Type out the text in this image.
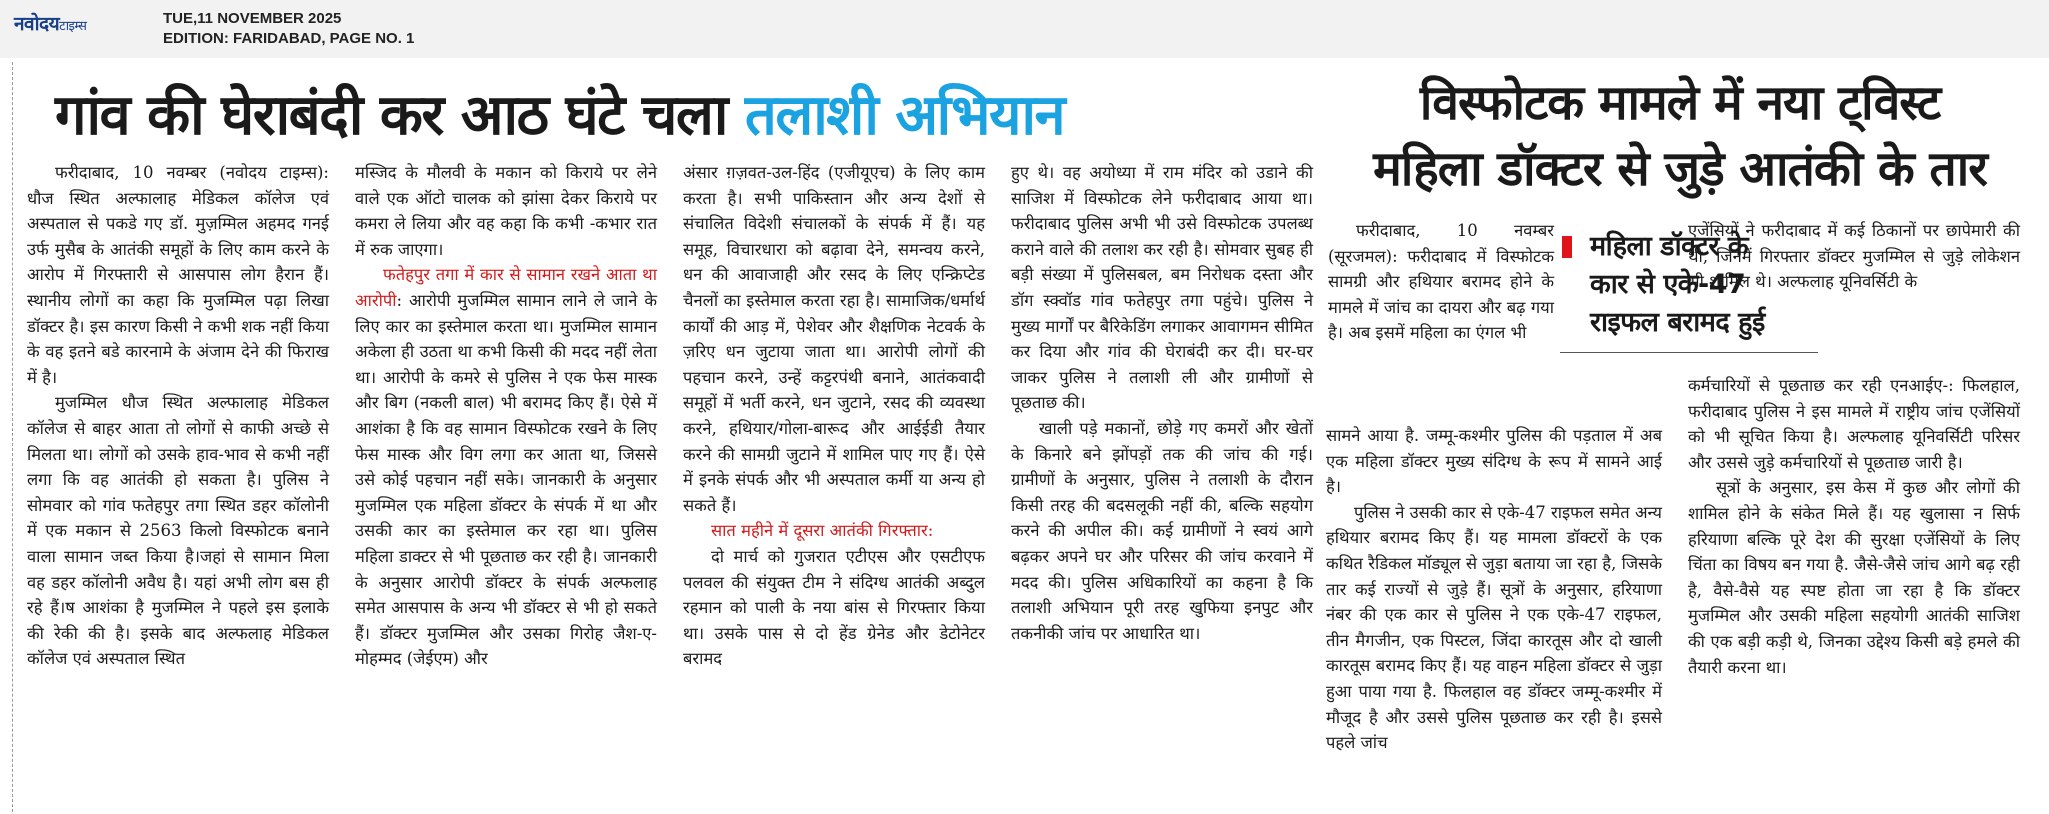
नवोदयटाइम्स	TUE,11 NOVEMBER 2025
EDITION: FARIDABAD, PAGE NO. 1
गांव की घेराबंदी कर आठ घंटे चला तलाशी अभियान	विस्फोटक मामले में नया ट्विस्ट
महिला डॉक्टर से जुड़े आतंकी के तार

फरीदाबाद, 10 नवम्बर (नवोदय टाइम्स): धौज स्थित अल्फालाह मेडिकल कॉलेज एवं अस्पताल से पकडे गए डॉ. मुज़म्मिल अहमद गनई उर्फ मुसैब के आतंकी समूहों के लिए काम करने के आरोप में गिरफ्तारी से आसपास लोग हैरान हैं। स्थानीय लोगों का कहा कि मुजम्मिल पढ़ा लिखा डॉक्टर है। इस कारण किसी ने कभी शक नहीं किया के वह इतने बडे कारनामे के अंजाम देने की फिराख में है।

मुजम्मिल धौज स्थित अल्फालाह मेडिकल कॉलेज से बाहर आता तो लोगों से काफी अच्छे से मिलता था। लोगों को उसके हाव-भाव से कभी नहीं लगा कि वह आतंकी हो सकता है। पुलिस ने सोमवार को गांव फतेहपुर तगा स्थित डहर कॉलोनी में एक मकान से 2563 किलो विस्फोटक बनाने वाला सामान जब्त किया है।जहां से सामान मिला वह डहर कॉलोनी अवैध है। यहां अभी लोग बस ही रहे हैं।ष आशंका है मुजम्मिल ने पहले इस इलाके की रेकी की है। इसके बाद अल्फलाह मेडिकल कॉलेज एवं अस्पताल स्थित

मस्जिद के मौलवी के मकान को किराये पर लेने वाले एक ऑटो चालक को झांसा देकर किराये पर कमरा ले लिया और वह कहा कि कभी -कभार रात में रुक जाएगा।

फतेहपुर तगा में कार से सामान रखने आता था आरोपी: आरोपी मुजम्मिल सामान लाने ले जाने के लिए कार का इस्तेमाल करता था। मुजम्मिल सामान अकेला ही उठता था कभी किसी की मदद नहीं लेता था। आरोपी के कमरे से पुलिस ने एक फेस मास्क और बिग (नकली बाल) भी बरामद किए हैं। ऐसे में आशंका है कि वह सामान विस्फोटक रखने के लिए फेस मास्क और विग लगा कर आता था, जिससे उसे कोई पहचान नहीं सके। जानकारी के अनुसार मुजम्मिल एक महिला डॉक्टर के संपर्क में था और उसकी कार का इस्तेमाल कर रहा था। पुलिस महिला डाक्टर से भी पूछताछ कर रही है। जानकारी के अनुसार आरोपी डॉक्टर के संपर्क अल्फलाह समेत आसपास के अन्य भी डॉक्टर से भी हो सकते हैं। डॉक्टर मुजम्मिल और उसका गिरोह जैश-ए-मोहम्मद (जेईएम) और

अंसार ग़ज़वत-उल-हिंद (एजीयूएच) के लिए काम करता है। सभी पाकिस्तान और अन्य देशों से संचालित विदेशी संचालकों के संपर्क में हैं। यह समूह, विचारधारा को बढ़ावा देने, समन्वय करने, धन की आवाजाही और रसद के लिए एन्क्रिप्टेड चैनलों का इस्तेमाल करता रहा है। सामाजिक/धर्मार्थ कार्यों की आड़ में, पेशेवर और शैक्षणिक नेटवर्क के ज़रिए धन जुटाया जाता था। आरोपी लोगों की पहचान करने, उन्हें कट्टरपंथी बनाने, आतंकवादी समूहों में भर्ती करने, धन जुटाने, रसद की व्यवस्था करने, हथियार/गोला-बारूद और आईईडी तैयार करने की सामग्री जुटाने में शामिल पाए गए हैं। ऐसे में इनके संपर्क और भी अस्पताल कर्मी या अन्य हो सकते हैं।

सात महीने में दूसरा आतंकी गिरफ्तार:

दो मार्च को गुजरात एटीएस और एसटीएफ पलवल की संयुक्त टीम ने संदिग्ध आतंकी अब्दुल रहमान को पाली के नया बांस से गिरफ्तार किया था। उसके पास से दो हेंड ग्रेनेड और डेटोनेटर बरामद

हुए थे। वह अयोध्या में राम मंदिर को उडाने की साजिश में विस्फोटक लेने फरीदाबाद आया था। फरीदाबाद पुलिस अभी भी उसे विस्फोटक उपलब्ध कराने वाले की तलाश कर रही है। सोमवार सुबह ही बड़ी संख्या में पुलिसबल, बम निरोधक दस्ता और डॉग स्क्वॉड गांव फतेहपुर तगा पहुंचे। पुलिस ने मुख्य मार्गों पर बैरिकेडिंग लगाकर आवागमन सीमित कर दिया और गांव की घेराबंदी कर दी। घर-घर जाकर पुलिस ने तलाशी ली और ग्रामीणों से पूछताछ की।

खाली पड़े मकानों, छोड़े गए कमरों और खेतों के किनारे बने झोंपड़ों तक की जांच की गई। ग्रामीणों के अनुसार, पुलिस ने तलाशी के दौरान किसी तरह की बदसलूकी नहीं की, बल्कि सहयोग करने की अपील की। कई ग्रामीणों ने स्वयं आगे बढ़कर अपने घर और परिसर की जांच करवाने में मदद की। पुलिस अधिकारियों का कहना है कि तलाशी अभियान पूरी तरह खुफिया इनपुट और तकनीकी जांच पर आधारित था।

फरीदाबाद, 10 नवम्बर (सूरजमल): फरीदाबाद में विस्फोटक सामग्री और हथियार बरामद होने के मामले में जांच का दायरा और बढ़ गया है। अब इसमें महिला का एंगल भी

महिला डॉक्टर के कार से एके-47 राइफल बरामद हुई

सामने आया है. जम्मू-कश्मीर पुलिस की पड़ताल में अब एक महिला डॉक्टर मुख्य संदिग्ध के रूप में सामने आई है।

पुलिस ने उसकी कार से एके-47 राइफल समेत अन्य हथियार बरामद किए हैं। यह मामला डॉक्टरों के एक कथित रैडिकल मॉड्यूल से जुड़ा बताया जा रहा है, जिसके तार कई राज्यों से जुड़े हैं। सूत्रों के अनुसार, हरियाणा नंबर की एक कार से पुलिस ने एक एके-47 राइफल, तीन मैगजीन, एक पिस्टल, जिंदा कारतूस और दो खाली कारतूस बरामद किए हैं। यह वाहन महिला डॉक्टर से जुड़ा हुआ पाया गया है. फिलहाल वह डॉक्टर जम्मू-कश्मीर में मौजूद है और उससे पुलिस पूछताछ कर रही है। इससे पहले जांच

एजेंसियों ने फरीदाबाद में कई ठिकानों पर छापेमारी की थी, जिनमें गिरफ्तार डॉक्टर मुजम्मिल से जुड़े लोकेशन भी शामिल थे। अल्फलाह यूनिवर्सिटी के

कर्मचारियों से पूछताछ कर रही एनआईए-: फिलहाल, फरीदाबाद पुलिस ने इस मामले में राष्ट्रीय जांच एजेंसियों को भी सूचित किया है। अल्फलाह यूनिवर्सिटी परिसर और उससे जुड़े कर्मचारियों से पूछताछ जारी है।

सूत्रों के अनुसार, इस केस में कुछ और लोगों की शामिल होने के संकेत मिले हैं। यह खुलासा न सिर्फ हरियाणा बल्कि पूरे देश की सुरक्षा एजेंसियों के लिए चिंता का विषय बन गया है. जैसे-जैसे जांच आगे बढ़ रही है, वैसे-वैसे यह स्पष्ट होता जा रहा है कि डॉक्टर मुजम्मिल और उसकी महिला सहयोगी आतंकी साजिश की एक बड़ी कड़ी थे, जिनका उद्देश्य किसी बड़े हमले की तैयारी करना था।
